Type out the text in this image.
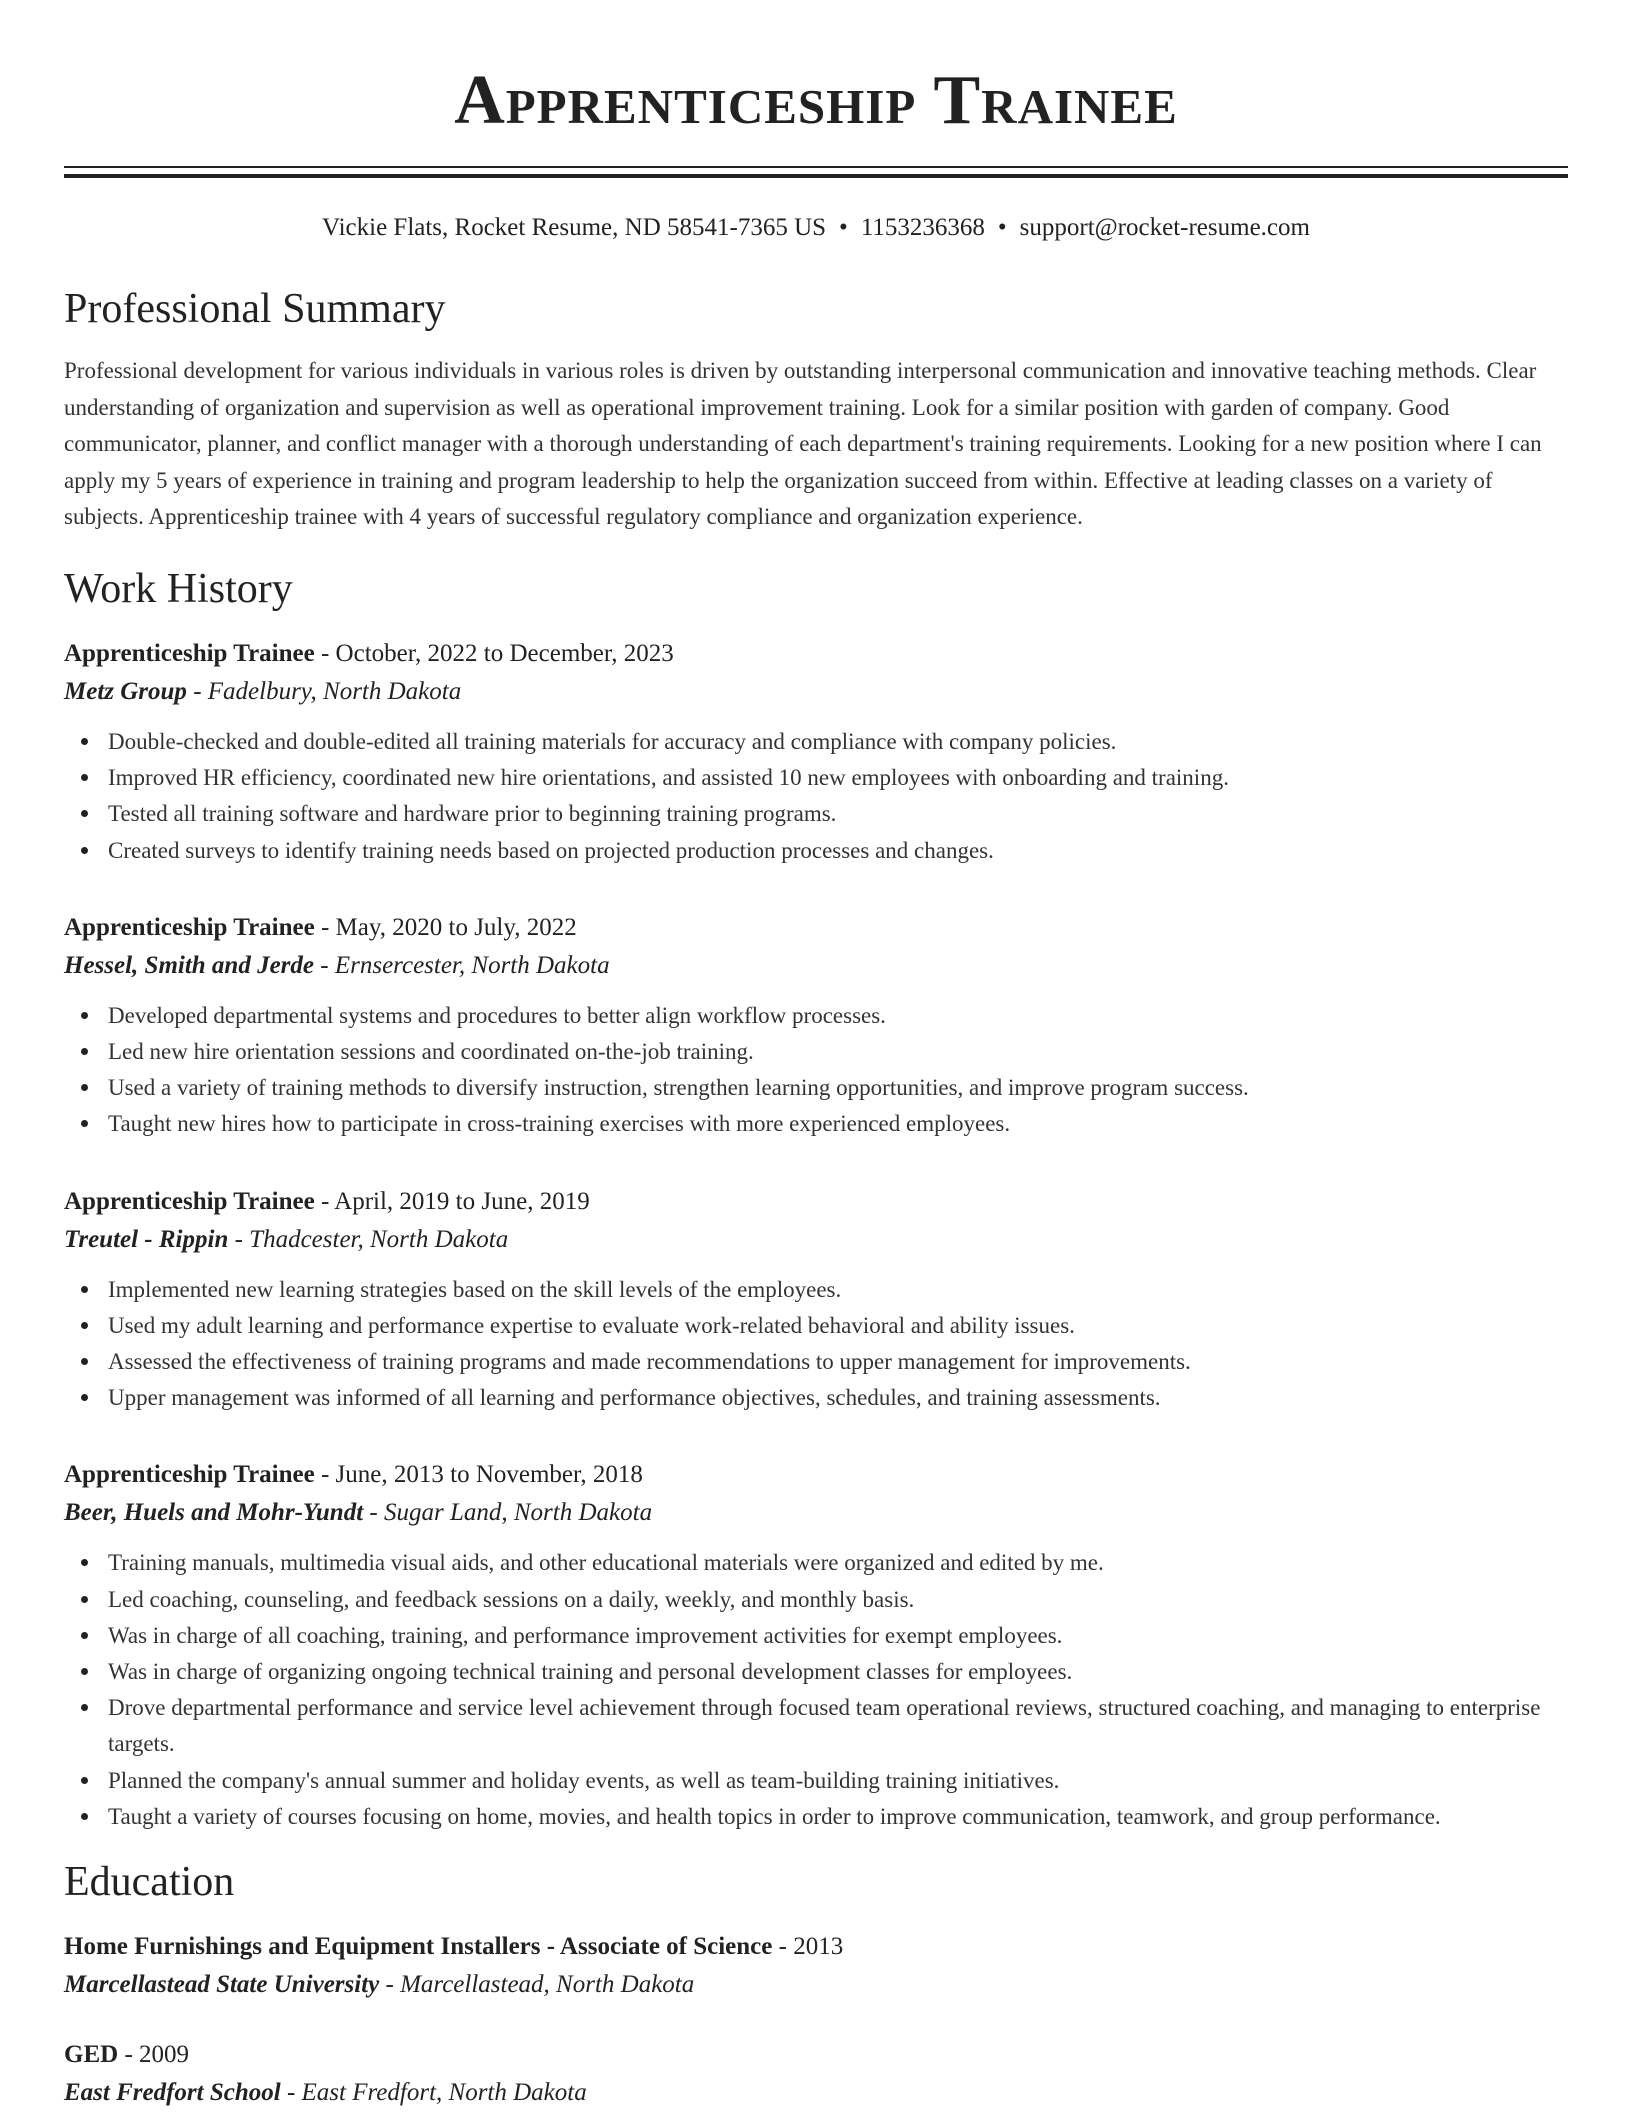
Apprenticeship Trainee
Vickie Flats, Rocket Resume, ND 58541-7365 US • 1153236368 • support@rocket-resume.com
Professional Summary

Professional development for various individuals in various roles is driven by outstanding interpersonal communication and innovative teaching methods. Clear understanding of organization and supervision as well as operational improvement training. Look for a similar position with garden of company. Good communicator, planner, and conflict manager with a thorough understanding of each department's training requirements. Looking for a new position where I can apply my 5 years of experience in training and program leadership to help the organization succeed from within. Effective at leading classes on a variety of subjects. Apprenticeship trainee with 4 years of successful regulatory compliance and organization experience.

Work History
Apprenticeship Trainee - October, 2022 to December, 2023
Metz Group - Fadelbury, North Dakota
Double-checked and double-edited all training materials for accuracy and compliance with company policies.
Improved HR efficiency, coordinated new hire orientations, and assisted 10 new employees with onboarding and training.
Tested all training software and hardware prior to beginning training programs.
Created surveys to identify training needs based on projected production processes and changes.
Apprenticeship Trainee - May, 2020 to July, 2022
Hessel, Smith and Jerde - Ernsercester, North Dakota
Developed departmental systems and procedures to better align workflow processes.
Led new hire orientation sessions and coordinated on-the-job training.
Used a variety of training methods to diversify instruction, strengthen learning opportunities, and improve program success.
Taught new hires how to participate in cross-training exercises with more experienced employees.
Apprenticeship Trainee - April, 2019 to June, 2019
Treutel - Rippin - Thadcester, North Dakota
Implemented new learning strategies based on the skill levels of the employees.
Used my adult learning and performance expertise to evaluate work-related behavioral and ability issues.
Assessed the effectiveness of training programs and made recommendations to upper management for improvements.
Upper management was informed of all learning and performance objectives, schedules, and training assessments.
Apprenticeship Trainee - June, 2013 to November, 2018
Beer, Huels and Mohr-Yundt - Sugar Land, North Dakota
Training manuals, multimedia visual aids, and other educational materials were organized and edited by me.
Led coaching, counseling, and feedback sessions on a daily, weekly, and monthly basis.
Was in charge of all coaching, training, and performance improvement activities for exempt employees.
Was in charge of organizing ongoing technical training and personal development classes for employees.
Drove departmental performance and service level achievement through focused team operational reviews, structured coaching, and managing to enterprise targets.
Planned the company's annual summer and holiday events, as well as team-building training initiatives.
Taught a variety of courses focusing on home, movies, and health topics in order to improve communication, teamwork, and group performance.
Education
Home Furnishings and Equipment Installers - Associate of Science - 2013
Marcellastead State University - Marcellastead, North Dakota
GED - 2009
East Fredfort School - East Fredfort, North Dakota
